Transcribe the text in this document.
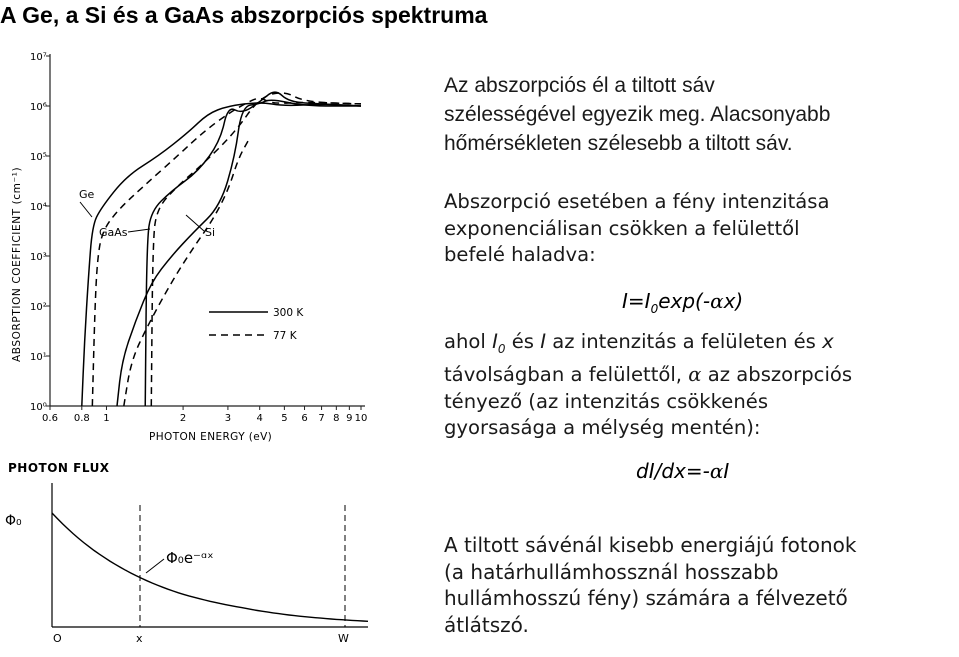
A Ge, a Si és a GaAs abszorpciós spektruma
ABSORPTION COEFFICIENT (cm⁻¹)
10⁰
10¹
10²
10³
10⁴
10⁵
10⁶
10⁷
0.6 0.8 1	2	3	4 5 6 7 8 9 10
PHOTON ENERGY (eV)
Ge
GaAs	Si
300 K
77 K
PHOTON FLUX
Φ₀
Φ₀e⁻ᵅˣ
O	x	W
Az abszorpciós él a tiltott sáv
szélességével egyezik meg. Alacsonyabb
hőmérsékleten szélesebb a tiltott sáv.
Abszorpció esetében a fény intenzitása
exponenciálisan csökken a felülettől
befelé haladva:
$I=I_0\exp(-\alpha x)$
ahol $I_0$ és I az intenzitás a felületen és x
távolságban a felülettől, α az abszorpciós
tényező (az intenzitás csökkenés
gyorsasága a mélység mentén):
dI/dx=-αI
A tiltott sávénál kisebb energiájú fotonok
(a határhullámhossznál hosszabb
hullámhosszú fény) számára a félvezető
átlátszó.
